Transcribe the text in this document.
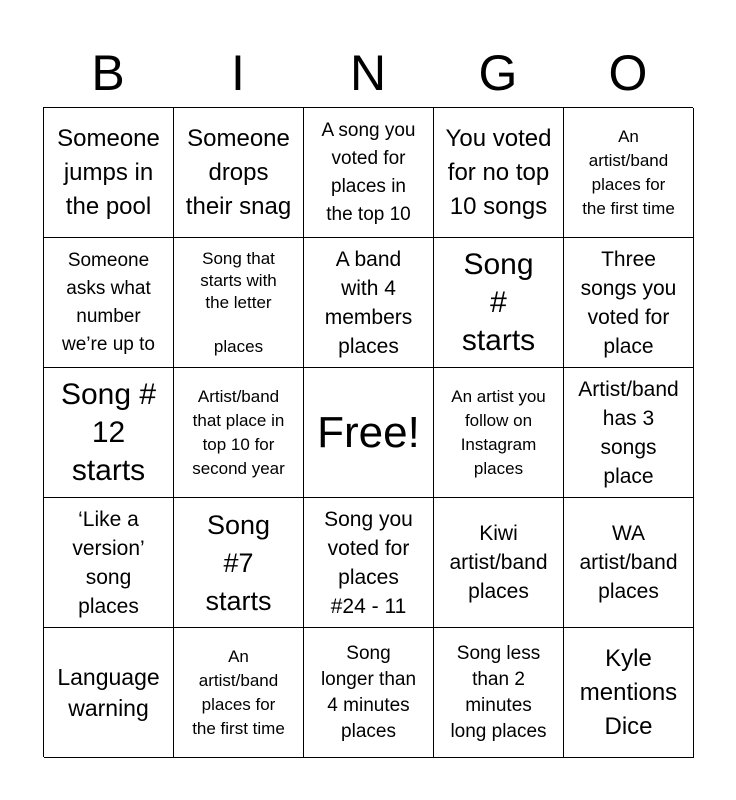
B	I	N	G	O
Someone
jumps in
the pool
Someone
drops
their snag
A song you
voted for
places in
the top 10
You voted
for no top
10 songs
An
artist/band
places for
the first time
Someone
asks what
number
we’re up to
Song that
starts with
the letter

places
A band
with 4
members
places
Song
#
starts
Three
songs you
voted for
place
Song #
12
starts
Artist/band
that place in
top 10 for
second year
Free!
An artist you
follow on
Instagram
places
Artist/band
has 3
songs
place
‘Like a
version’
song
places
Song
#7
starts
Song you
voted for
places
#24 - 11
Kiwi
artist/band
places
WA
artist/band
places
Language
warning
An
artist/band
places for
the first time
Song
longer than
4 minutes
places
Song less
than 2
minutes
long places
Kyle
mentions
Dice
